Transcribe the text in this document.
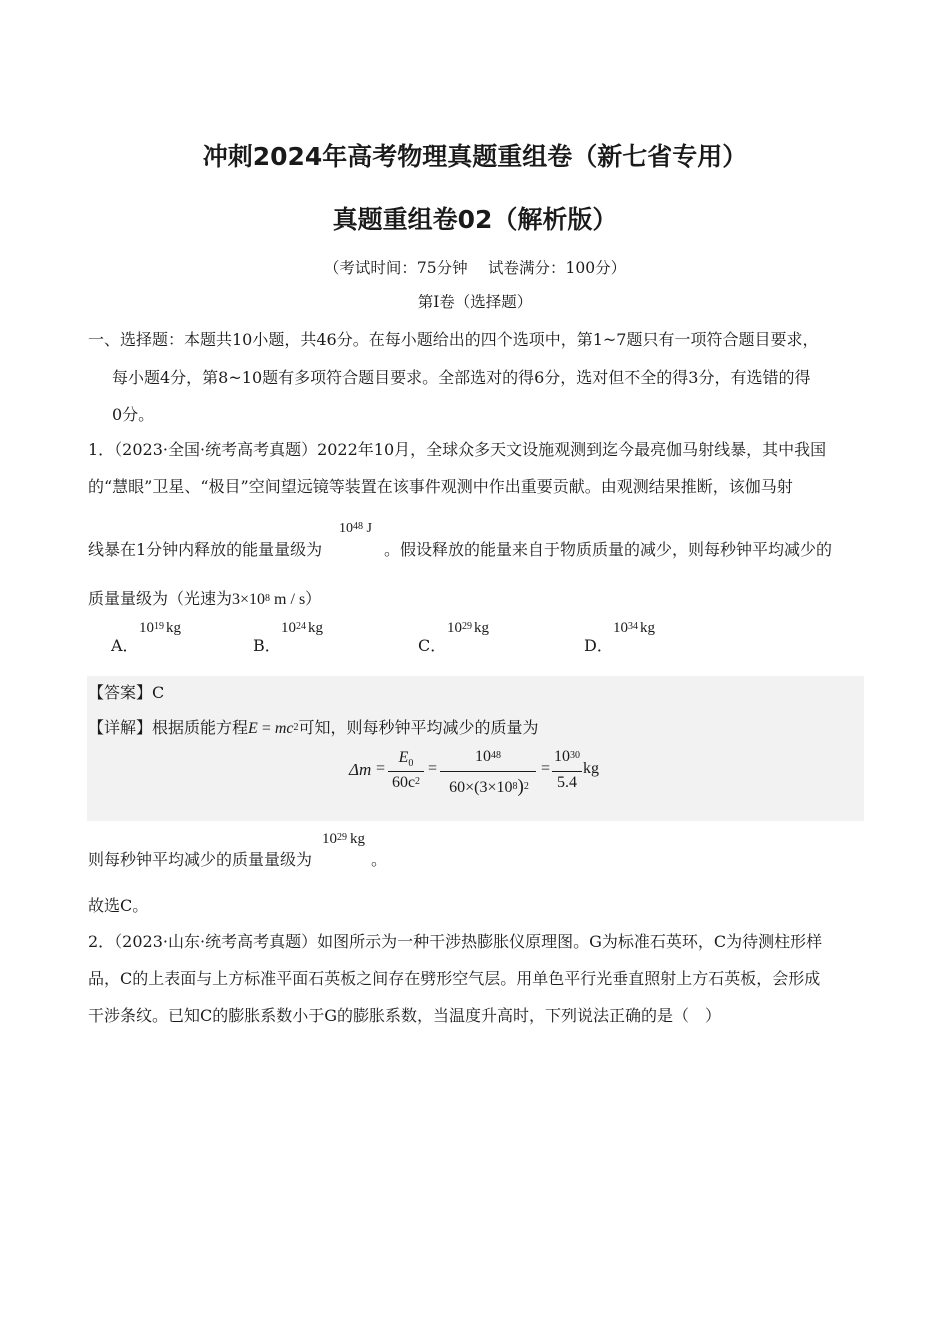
冲刺2024年高考物理真题重组卷（新七省专用）
真题重组卷02（解析版）
（考试时间：75分钟　 试卷满分：100分）
第I卷（选择题）
一、选择题：本题共10小题，共46分。在每小题给出的四个选项中，第1~7题只有一项符合题目要求，
每小题4分，第8~10题有多项符合题目要求。全部选对的得6分，选对但不全的得3分，有选错的得
0分。
1．（2023·全国·统考高考真题）2022年10月，全球众多天文设施观测到迄今最亮伽马射线暴，其中我国
的“慧眼”卫星、“极目”空间望远镜等装置在该事件观测中作出重要贡献。由观测结果推断，该伽马射
线暴在1分钟内释放的能量量级为
$10^{48}$ J
。假设释放的能量来自于物质质量的减少，则每秒钟平均减少的
质量量级为（光速为$3\times 10^8$ m / s）
A．
$10^{19}$ kg
B．
$10^{24}$ kg
C．
$10^{29}$ kg
D．
$10^{34}$ kg
【答案】C
【详解】根据质能方程$E = mc^2$可知，则每秒钟平均减少的质量为
Δm =
$E_0$
$60c^2$
=
$10^{48}$
$60\times(3\times 10^8)^2$
=
$10^{30}$
5.4
kg
则每秒钟平均减少的质量量级为
$10^{29}$ kg
。
故选C。
2．（2023·山东·统考高考真题）如图所示为一种干涉热膨胀仪原理图。G为标准石英环，C为待测柱形样
品，C的上表面与上方标准平面石英板之间存在劈形空气层。用单色平行光垂直照射上方石英板，会形成
干涉条纹。已知C的膨胀系数小于G的膨胀系数，当温度升高时，下列说法正确的是（　）
